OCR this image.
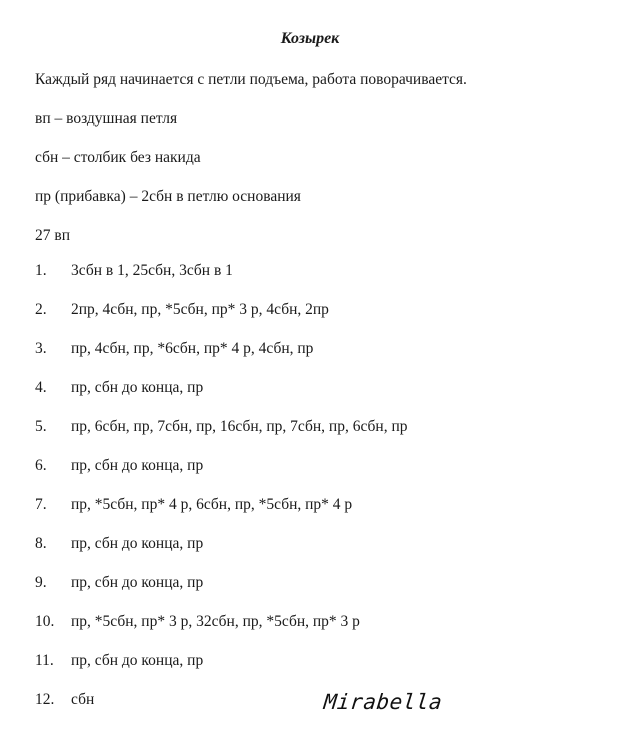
Козырек
Каждый ряд начинается с петли подъема, работа поворачивается.
вп – воздушная петля
сбн – столбик без накида
пр (прибавка) – 2сбн в петлю основания
27 вп
1.	3сбн в 1, 25сбн, 3сбн в 1
2.	2пр, 4сбн, пр, *5сбн, пр* 3 р, 4сбн, 2пр
3.	пр, 4сбн, пр, *6сбн, пр* 4 р, 4сбн, пр
4.	пр, сбн до конца, пр
5.	пр, 6сбн, пр, 7сбн, пр, 16сбн, пр, 7сбн, пр, 6сбн, пр
6.	пр, сбн до конца, пр
7.	пр, *5сбн, пр* 4 р, 6сбн, пр, *5сбн, пр* 4 р
8.	пр, сбн до конца, пр
9.	пр, сбн до конца, пр
10.	пр, *5сбн, пр* 3 р, 32сбн, пр, *5сбн, пр* 3 р
11.	пр, сбн до конца, пр
12.	сбн	Mirabella
